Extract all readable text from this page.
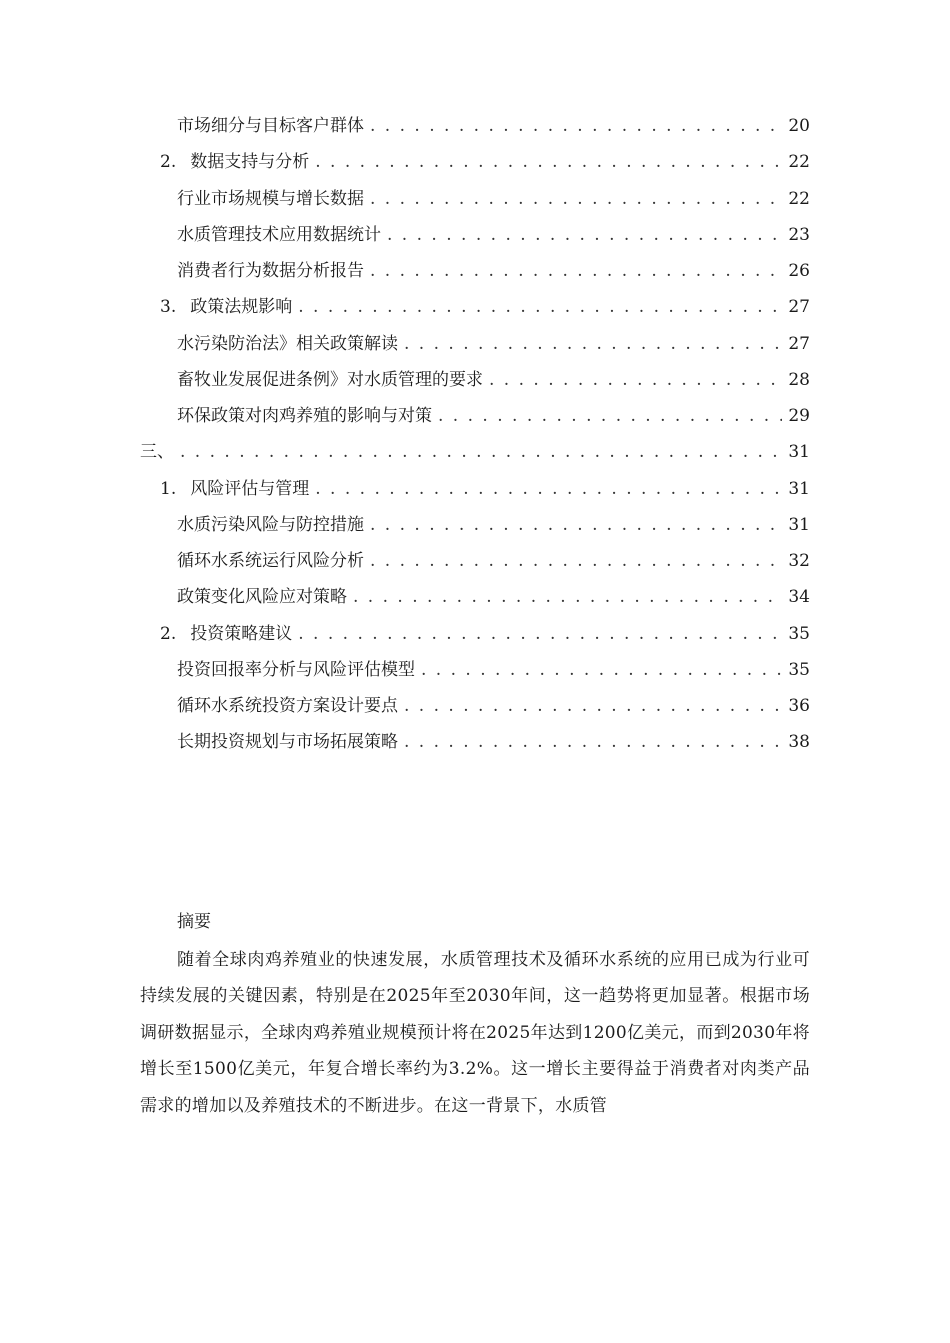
市场细分与目标客户群体 . . .	20
2. 数据支持与分析 . . .	22
行业市场规模与增长数据 . . .	22
水质管理技术应用数据统计 . . .	23
消费者行为数据分析报告 . . .	26
3. 政策法规影响 . . .	27
水污染防治法》相关政策解读 . . .	27
畜牧业发展促进条例》对水质管理的要求 . . .	28
环保政策对肉鸡养殖的影响与对策 . . .	29
三、 . . .	31
1. 风险评估与管理 . . .	31
水质污染风险与防控措施 . . .	31
循环水系统运行风险分析 . . .	32
政策变化风险应对策略 . . .	34
2. 投资策略建议 . . .	35
投资回报率分析与风险评估模型 . . .	35
循环水系统投资方案设计要点 . . .	36
长期投资规划与市场拓展策略 . . .	38
摘要

随着全球肉鸡养殖业的快速发展，水质管理技术及循环水系统的应用已成为行业可持续发展的关键因素，特别是在2025年至2030年间，这一趋势将更加显著。根据市场调研数据显示，全球肉鸡养殖业规模预计将在2025年达到1200亿美元，而到2030年将增长至1500亿美元，年复合增长率约为3.2%。这一增长主要得益于消费者对肉类产品需求的增加以及养殖技术的不断进步。在这一背景下，水质管
